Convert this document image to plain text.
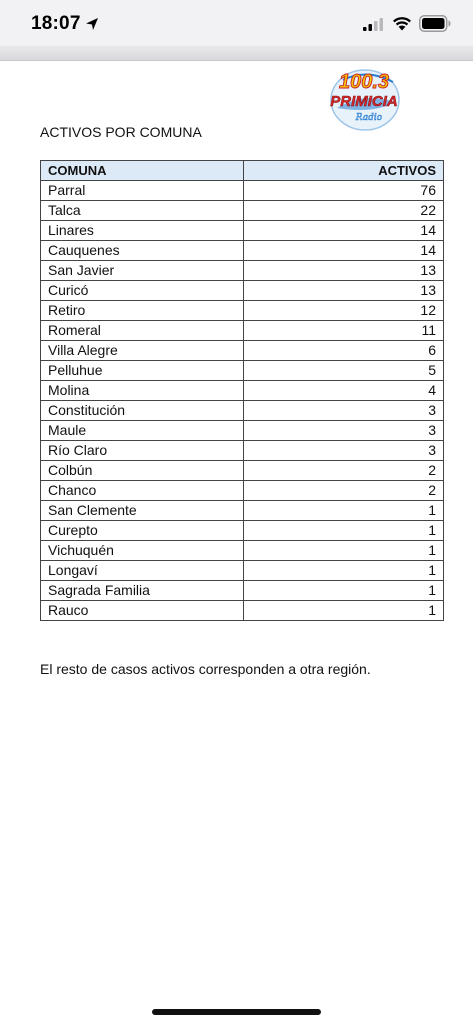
18:07
100.3
PRIMICIA
Radio
ACTIVOS POR COMUNA
COMUNA	ACTIVOS
Parral	76
Talca	22
Linares	14
Cauquenes	14
San Javier	13
Curicó	13
Retiro	12
Romeral	11
Villa Alegre	6
Pelluhue	5
Molina	4
Constitución	3
Maule	3
Río Claro	3
Colbún	2
Chanco	2
San Clemente	1
Curepto	1
Vichuquén	1
Longaví	1
Sagrada Familia	1
Rauco	1
El resto de casos activos corresponden a otra región.
